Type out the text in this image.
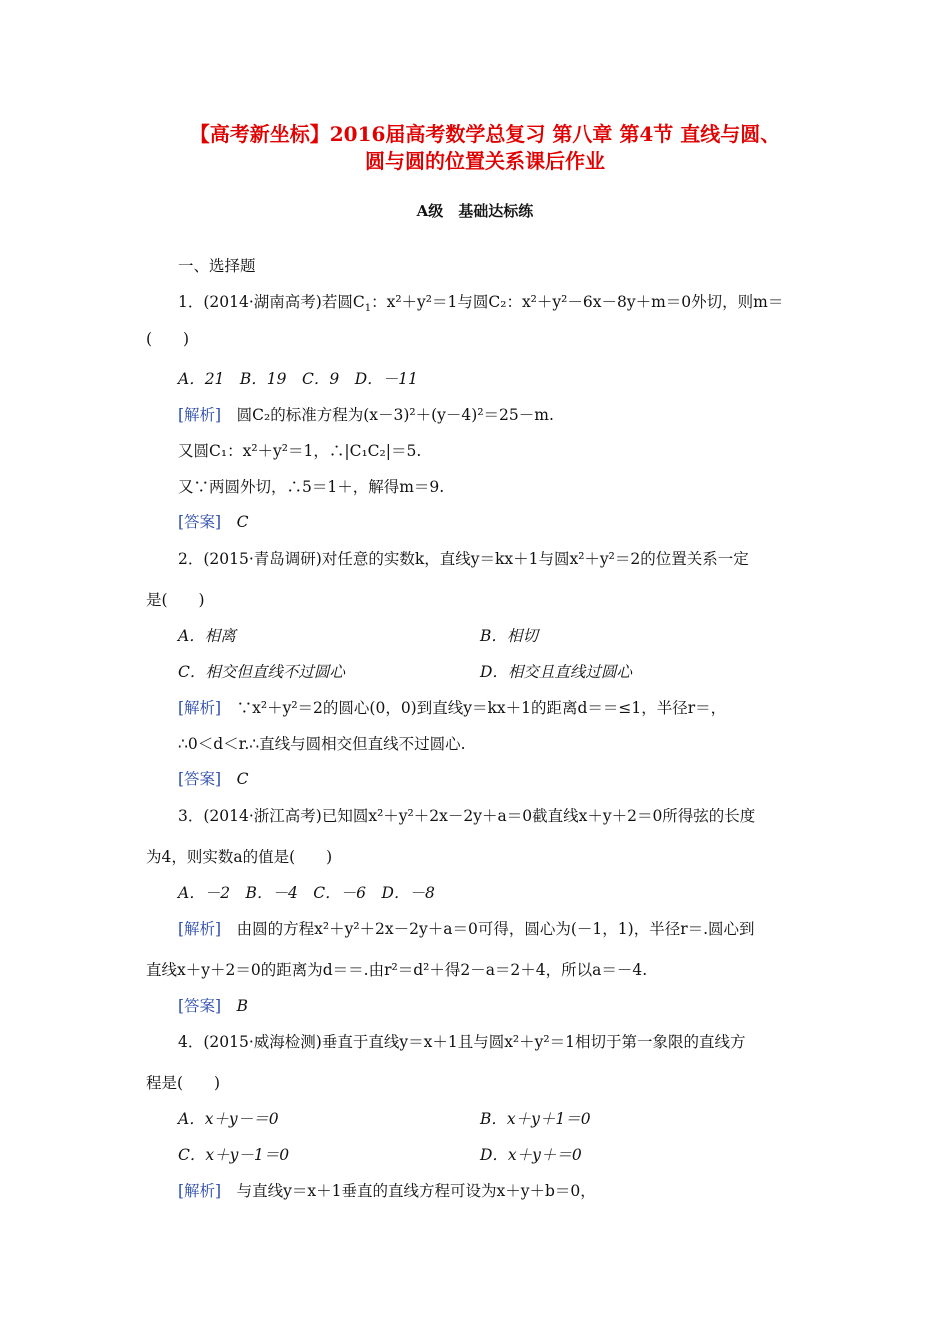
【高考新坐标】2016届高考数学总复习 第八章 第4节 直线与圆、
圆与圆的位置关系课后作业
A级　基础达标练
一、选择题
1．(2014·湖南高考)若圆$C_1$：x²＋y²＝1与圆C₂：x²＋y²－6x－8y＋m＝0外切，则m＝
(　　)
A．21　B．19　C．9　D．－11
[解析]　 圆C₂的标准方程为(x－3)²＋(y－4)²＝25－m.
又圆C₁：x²＋y²＝1，∴|C₁C₂|＝5.
又∵两圆外切，∴5＝1＋，解得m＝9.
[答案]　 C
2．(2015·青岛调研)对任意的实数k，直线y＝kx＋1与圆x²＋y²＝2的位置关系一定
是(　　)
A．相离	B．相切
C．相交但直线不过圆心	D．相交且直线过圆心
[解析]　 ∵x²＋y²＝2的圆心(0，0)到直线y＝kx＋1的距离d＝＝≤1，半径r＝，
∴0＜d＜r.∴直线与圆相交但直线不过圆心.
[答案]　 C
3．(2014·浙江高考)已知圆x²＋y²＋2x－2y＋a＝0截直线x＋y＋2＝0所得弦的长度
为4，则实数a的值是(　　)
A．－2　B．－4　C．－6　D．－8
[解析]　 由圆的方程x²＋y²＋2x－2y＋a＝0可得，圆心为(－1，1)，半径r＝.圆心到
直线x＋y＋2＝0的距离为d＝＝.由r²＝d²＋得2－a＝2＋4，所以a＝－4.
[答案]　 B
4．(2015·威海检测)垂直于直线y＝x＋1且与圆x²＋y²＝1相切于第一象限的直线方
程是(　　)
A．x＋y－＝0	B．x＋y＋1＝0
C．x＋y－1＝0	D．x＋y＋＝0
[解析]　 与直线y＝x＋1垂直的直线方程可设为x＋y＋b＝0，
